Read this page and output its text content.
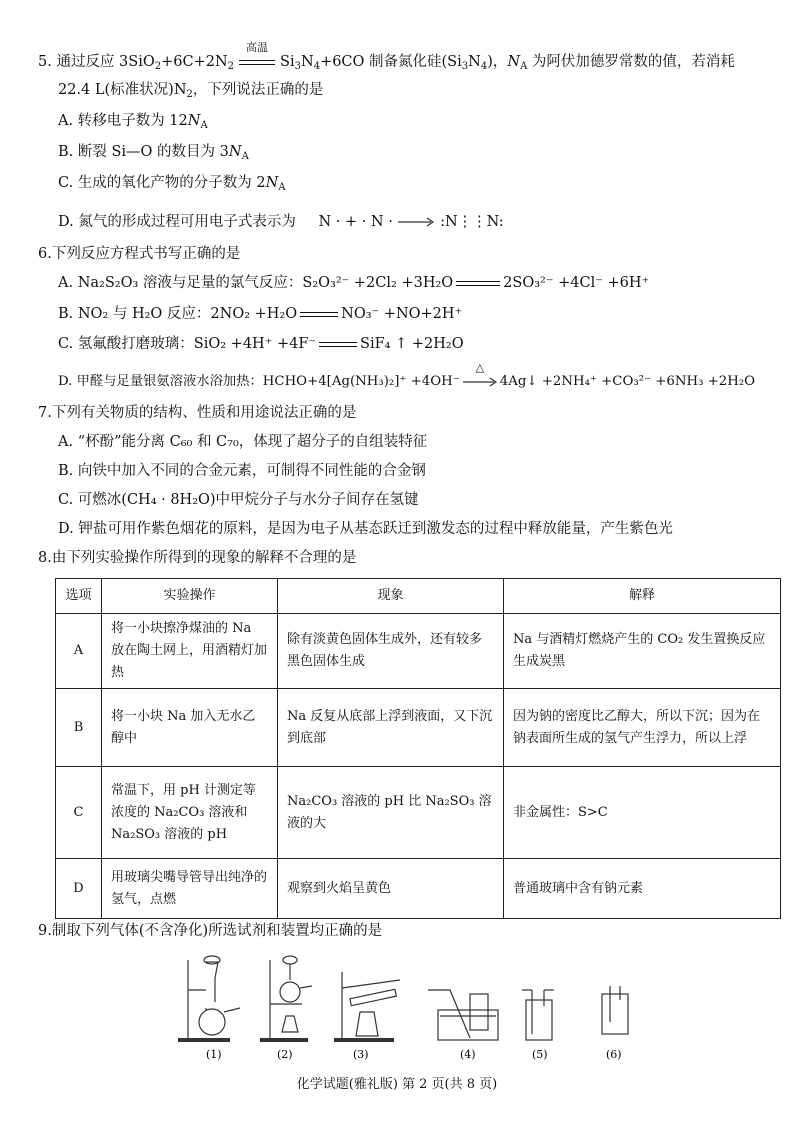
5. 通过反应 $3SiO_2+6C+2N_2$
高温
$Si_3N_4+6CO$ 制备氮化硅$(Si_3N_4)$，$N_A$ 为阿伏加德罗常数的值，若消耗
22.4 L(标准状况)$N_2$，下列说法正确的是
A. 转移电子数为 $12N_A$
B. 断裂 Si—O 的数目为 $3N_A$
C. 生成的氧化产物的分子数为 $2N_A$
D. 氮气的形成过程可用电子式表示为 N · + · N · → :N⋮⋮N:
6.下列反应方程式书写正确的是
A. Na₂S₂O₃ 溶液与足量的氯气反应：S₂O₃²⁻ +2Cl₂ +3H₂O	2SO₃²⁻ +4Cl⁻ +6H⁺
B. NO₂ 与 H₂O 反应：2NO₂ +H₂O	NO₃⁻ +NO+2H⁺
C. 氢氟酸打磨玻璃：SiO₂ +4H⁺ +4F⁻	SiF₄ ↑ +2H₂O
D. 甲醛与足量银氨溶液水浴加热：HCHO+4[Ag(NH₃)₂]⁺ +4OH⁻
△
4Ag↓ +2NH₄⁺ +CO₃²⁻ +6NH₃ +2H₂O
7.下列有关物质的结构、性质和用途说法正确的是
A. “杯酚”能分离 C₆₀ 和 C₇₀，体现了超分子的自组装特征
B. 向铁中加入不同的合金元素，可制得不同性能的合金钢
C. 可燃冰(CH₄ · 8H₂O)中甲烷分子与水分子间存在氢键
D. 钾盐可用作紫色烟花的原料，是因为电子从基态跃迁到激发态的过程中释放能量，产生紫色光
8.由下列实验操作所得到的现象的解释不合理的是
选项	实验操作	现象	解释
A	将一小块擦净煤油的 Na 放在陶土网上，用酒精灯加热	除有淡黄色固体生成外，还有较多黑色固体生成	Na 与酒精灯燃烧产生的 CO₂ 发生置换反应生成炭黑
B	将一小块 Na 加入无水乙醇中	Na 反复从底部上浮到液面，又下沉到底部	因为钠的密度比乙醇大，所以下沉；因为在钠表面所生成的氢气产生浮力，所以上浮
C	常温下，用 pH 计测定等浓度的 Na₂CO₃ 溶液和 Na₂SO₃ 溶液的 pH	Na₂CO₃ 溶液的 pH 比 Na₂SO₃ 溶液的大	非金属性：S>C
D	用玻璃尖嘴导管导出纯净的氢气，点燃	观察到火焰呈黄色	普通玻璃中含有钠元素
9.制取下列气体(不含净化)所选试剂和装置均正确的是
(1)	(2)	(3)	(4)	(5)	(6)
化学试题(雅礼版) 第 2 页(共 8 页)
